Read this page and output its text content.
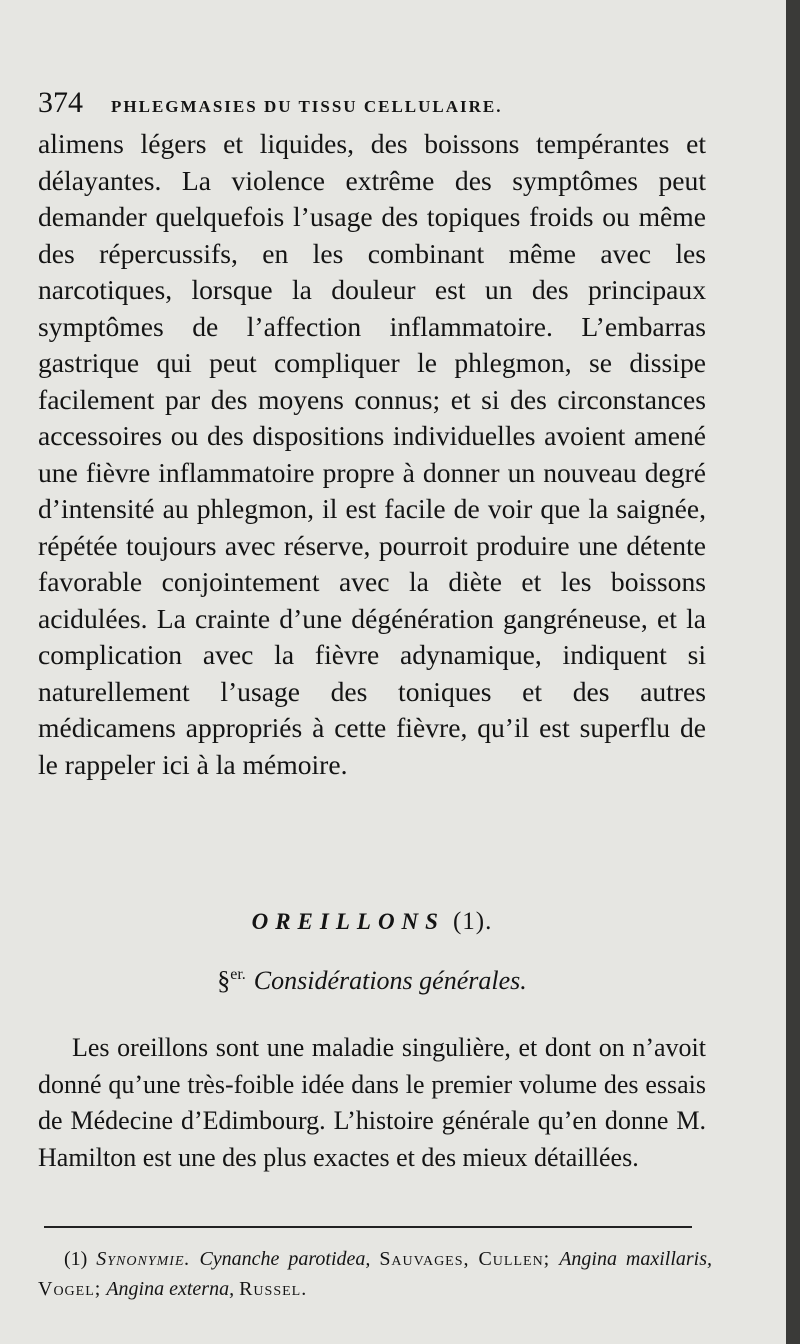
374 PHLEGMASIES DU TISSU CELLULAIRE.

alimens légers et liquides, des boissons tempérantes et délayantes. La violence extrême des symptômes peut demander quelquefois l’usage des topiques froids ou même des répercussifs, en les combinant même avec les narcotiques, lorsque la douleur est un des principaux symptômes de l’affection inflammatoire. L’embarras gastrique qui peut compliquer le phlegmon, se dissipe facilement par des moyens connus; et si des circonstances accessoires ou des dispositions individuelles avoient amené une fièvre inflammatoire propre à donner un nouveau degré d’intensité au phlegmon, il est facile de voir que la saignée, répétée toujours avec réserve, pourroit produire une détente favorable conjointement avec la diète et les boissons acidulées. La crainte d’une dégénération gangréneuse, et la complication avec la fièvre adynamique, indiquent si naturellement l’usage des toniques et des autres médicamens appropriés à cette fièvre, qu’il est superflu de le rappeler ici à la mémoire.

OREILLONS (1).
§$^{er.}$ Considérations générales.

Les oreillons sont une maladie singulière, et dont on n’avoit donné qu’une très-foible idée dans le premier volume des essais de Médecine d’Edimbourg. L’histoire générale qu’en donne M. Hamilton est une des plus exactes et des mieux détaillées.

(1) Synonymie. Cynanche parotidea, Sauvages, Cullen; Angina maxillaris, Vogel; Angina externa, Russel.
